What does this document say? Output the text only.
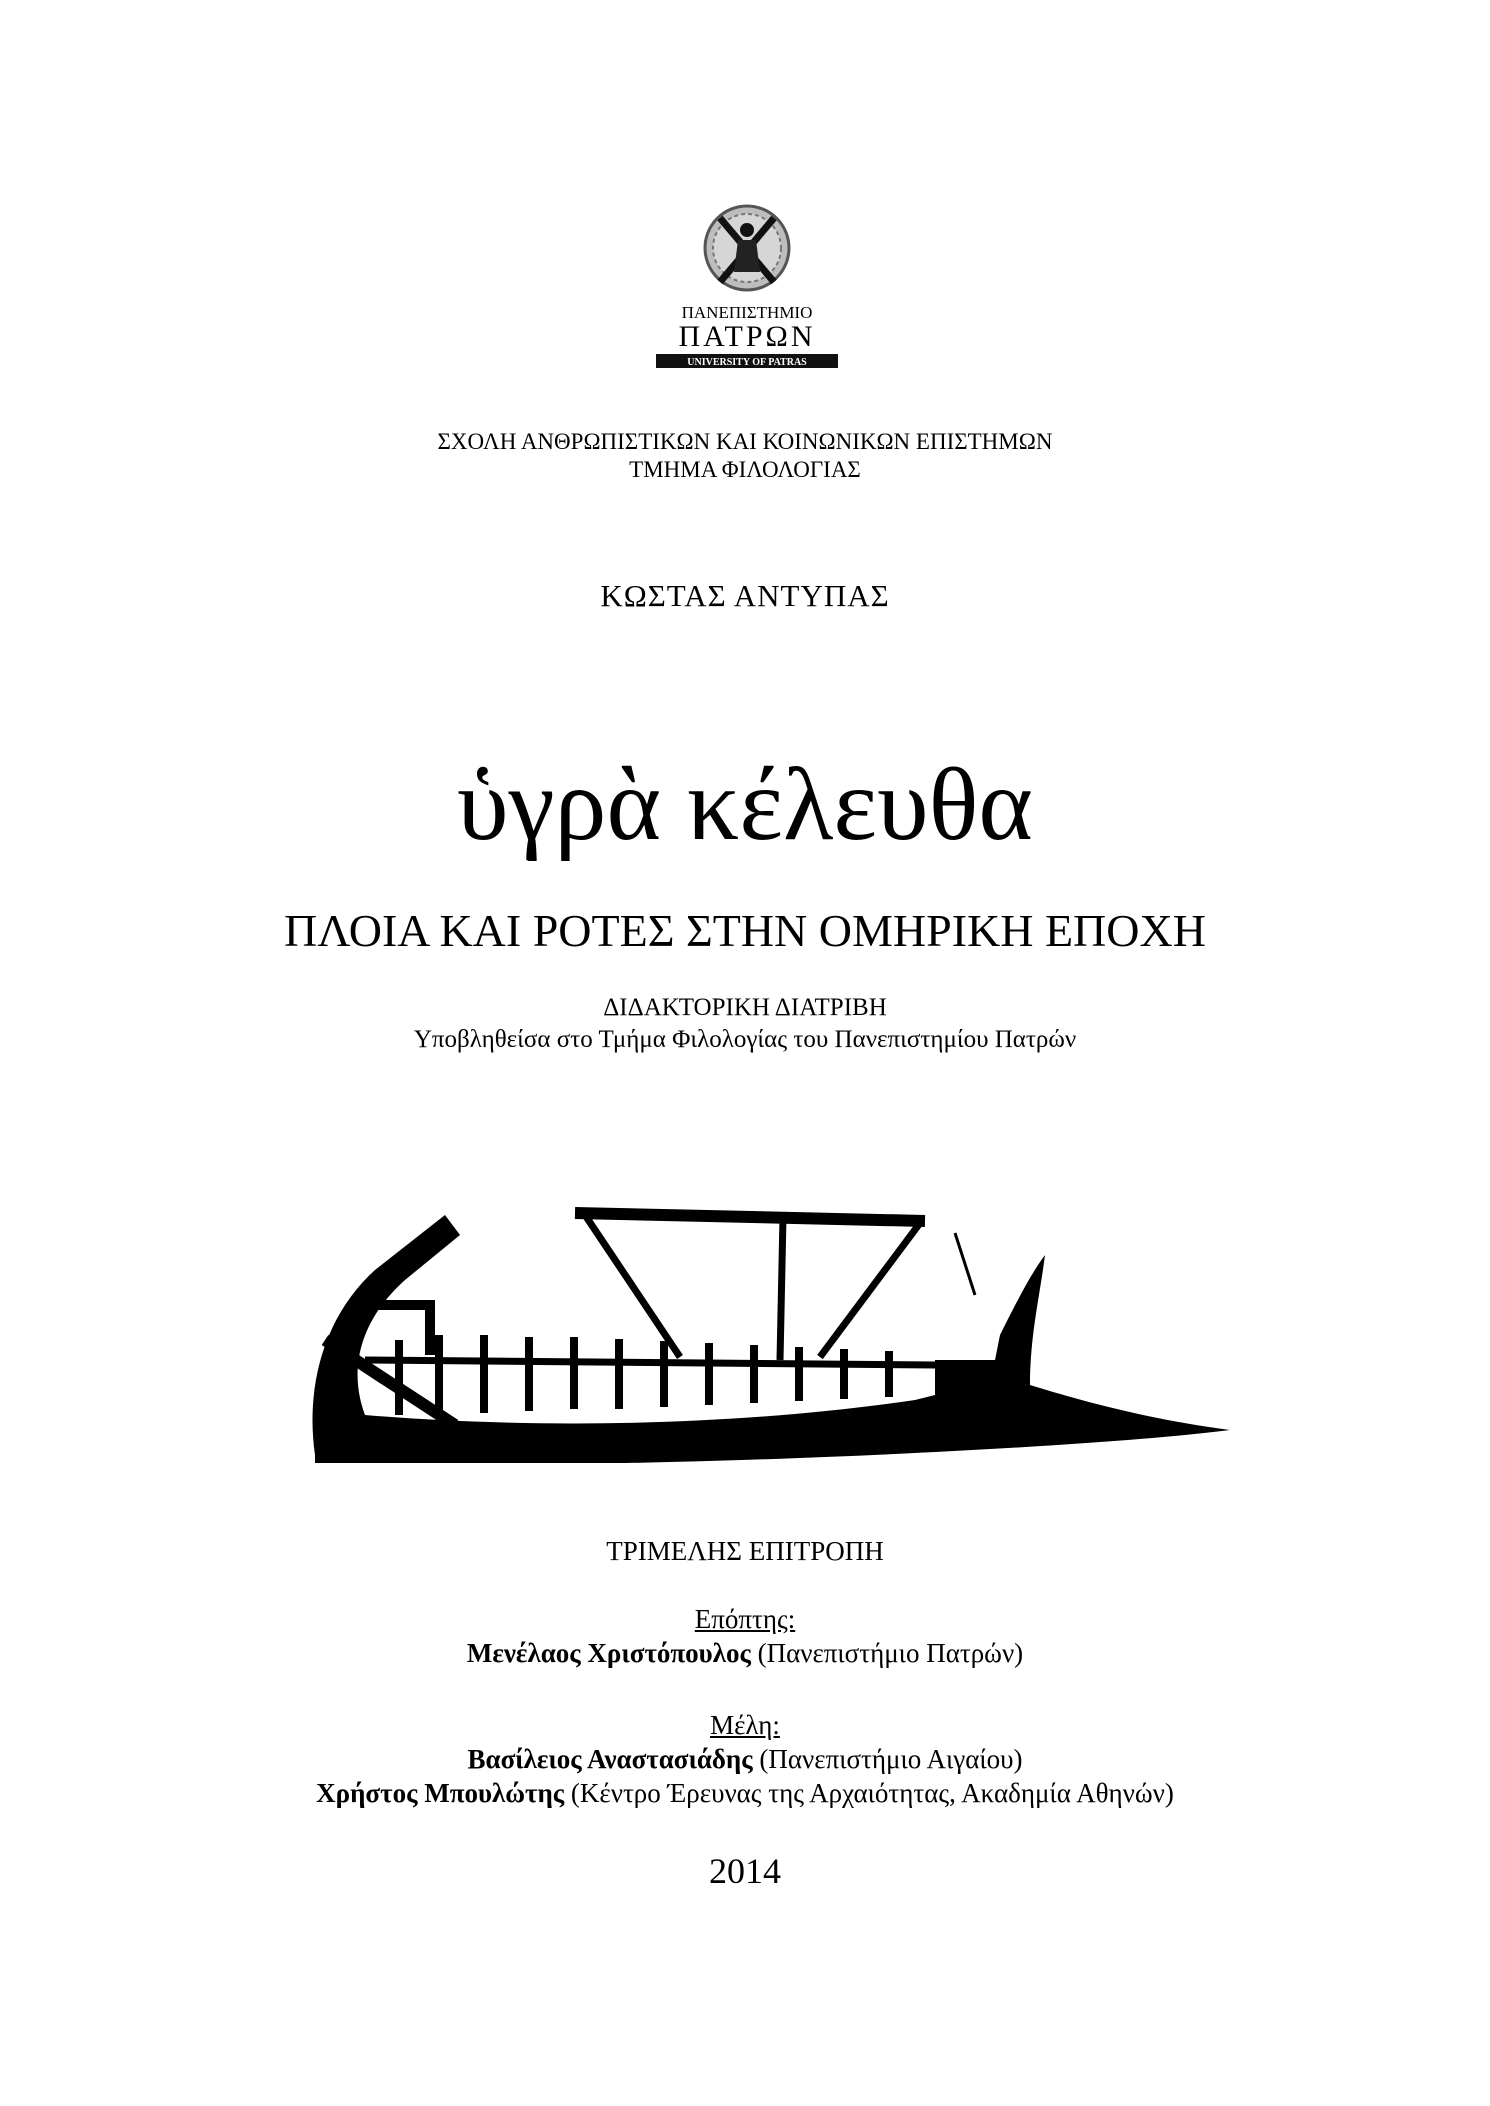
ΠΑΝΕΠΙΣΤΗΜΙΟ
ΠΑΤΡΩΝ
UNIVERSITY OF PATRAS
ΣΧΟΛΗ ΑΝΘΡΩΠΙΣΤΙΚΩΝ ΚΑΙ ΚΟΙΝΩΝΙΚΩΝ ΕΠΙΣΤΗΜΩΝ
ΤΜΗΜΑ ΦΙΛΟΛΟΓΙΑΣ
ΚΩΣΤΑΣ ΑΝΤΥΠΑΣ
ὑγρὰ κέλευθα
ΠΛΟΙΑ ΚΑΙ ΡΟΤΕΣ ΣΤΗΝ ΟΜΗΡΙΚΗ ΕΠΟΧΗ
ΔΙΔΑΚΤΟΡΙΚΗ ΔΙΑΤΡΙΒΗ
Υποβληθείσα στο Τμήμα Φιλολογίας του Πανεπιστημίου Πατρών
ΤΡΙΜΕΛΗΣ ΕΠΙΤΡΟΠΗ
Επόπτης:
Μενέλαος Χριστόπουλος (Πανεπιστήμιο Πατρών)
Μέλη:
Βασίλειος Αναστασιάδης (Πανεπιστήμιο Αιγαίου)
Χρήστος Μπουλώτης (Κέντρο Έρευνας της Αρχαιότητας, Ακαδημία Αθηνών)
2014
